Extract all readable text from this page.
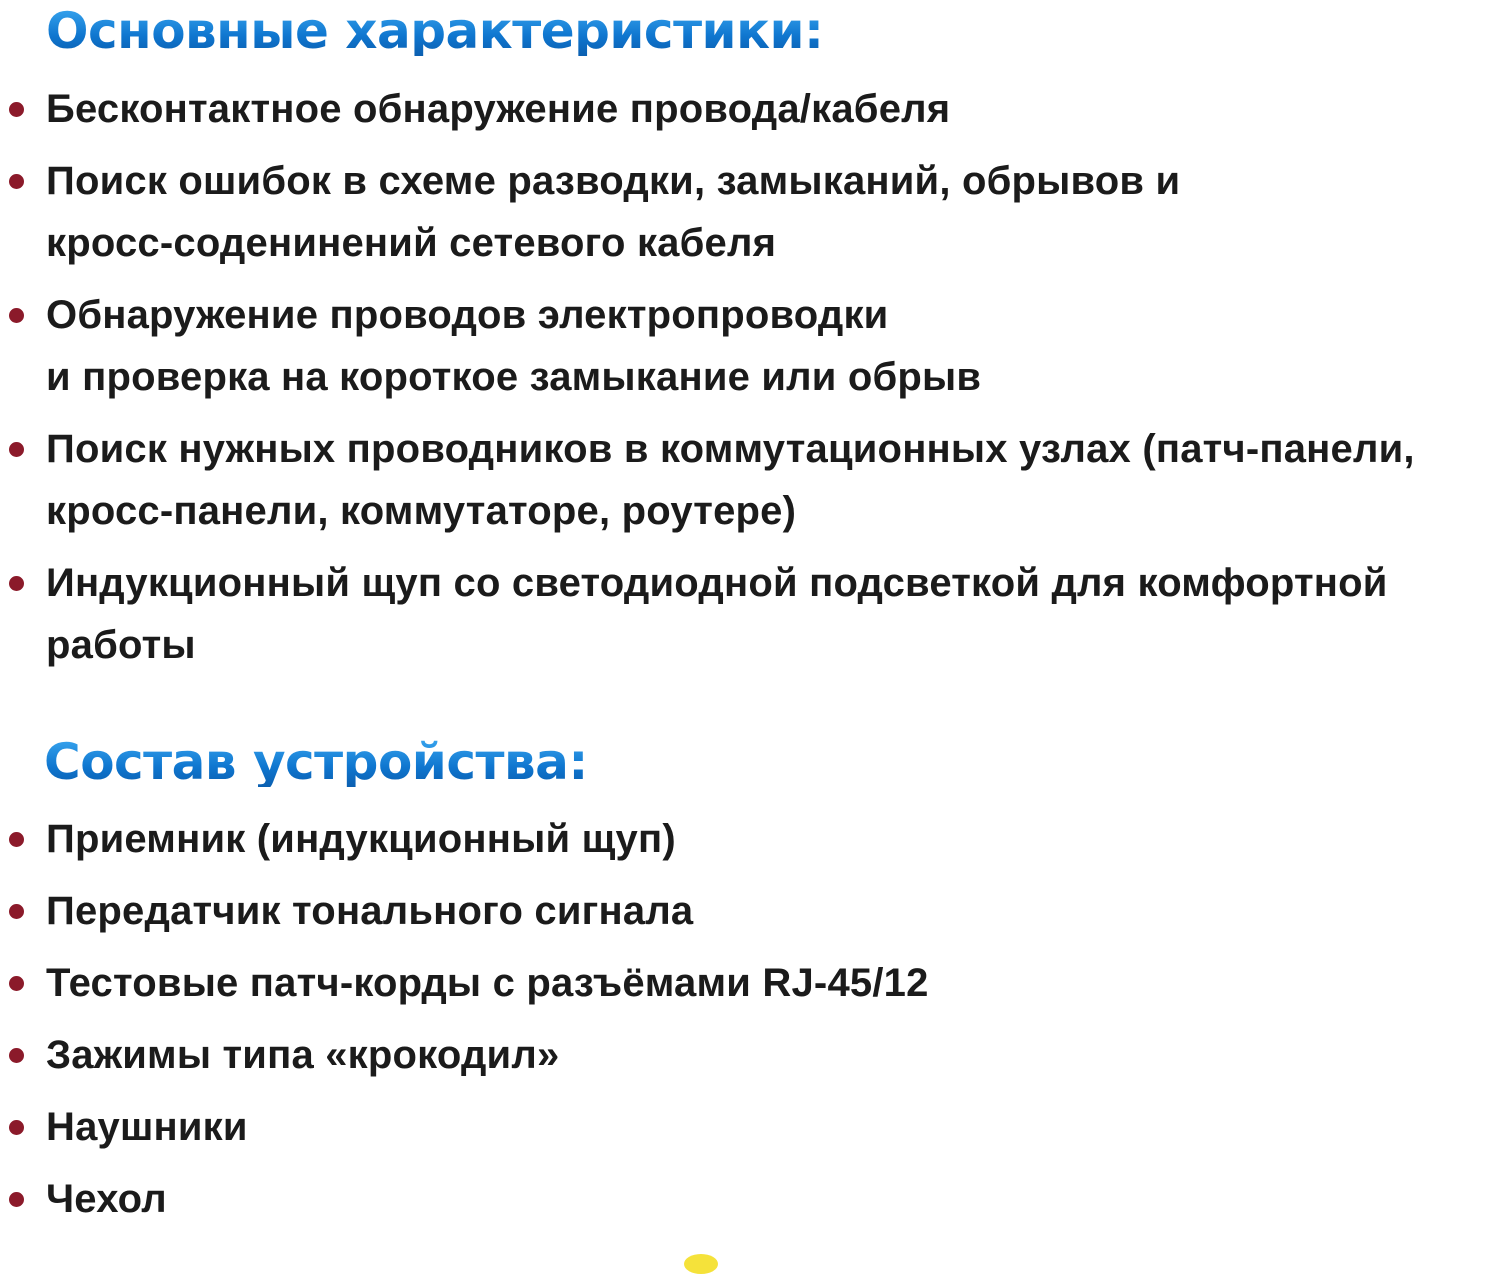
Основные характеристики:
Бесконтактное обнаружение провода/кабеля
Поиск ошибок в схеме разводки, замыканий, обрывов и
кросс-соденинений сетевого кабеля
Обнаружение проводов электропроводки
и проверка на короткое замыкание или обрыв
Поиск нужных проводников в коммутационных узлах (патч-панели,
кросс-панели, коммутаторе, роутере)
Индукционный щуп со светодиодной подсветкой для комфортной
работы
Состав устройства:
Приемник (индукционный щуп)
Передатчик тонального сигнала
Тестовые патч-корды с разъёмами RJ-45/12
Зажимы типа «крокодил»
Наушники
Чехол
